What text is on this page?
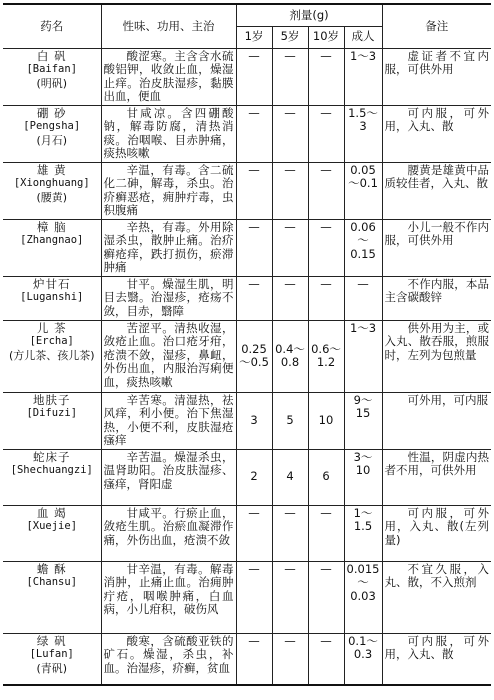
药名	性味、功用、主治	剂量(g)				备注
		1岁	5岁	10岁	成人	

白 矾
[Baifan]
(明矾)	酸涩寒。主含含水硫酸铝钾，收敛止血，燥湿止痒。治皮肤湿疹，黏膜出血，便血	—	—	—	1～3	虚证者不宜内服，可供外用

硼 砂
[Pengsha]
(月石)	甘咸凉。含四硼酸钠，解毒防腐，清热消痰。治咽喉、目赤肿痛，痰热咳嗽	—	—	—	1.5～3	可内服，可外用，入丸、散

雄 黄
[Xionghuang]
(腰黄)	辛温，有毒。含二硫化二砷，解毒，杀虫。治疥癣恶疮，痈肿疔毒，虫积腹痛	—	—	—	0.05～0.1	腰黄是雄黄中品质较佳者，入丸、散

樟 脑
[Zhangnao]	辛热，有毒。外用除湿杀虫，散肿止痛。治疥癣疮痒，跌打损伤，瘀滞肿痛	—	—	—	0.06～0.15	小儿一般不作内服，可供外用

炉甘石
[Luganshi]	甘平。燥湿生肌，明目去翳。治湿疹，疮疡不敛，目赤，翳障	—	—	—	—	不作内服，本品主含碳酸锌

儿 茶
[Ercha]
(方儿茶、孩儿茶)	苦涩平。清热收湿，敛疮止血。治口疮牙疳，疮溃不敛，湿疹，鼻衄，外伤出血，内服治泻痢便血，痰热咳嗽	0.25～0.5	0.4～0.8	0.6～1.2	1～3	供外用为主，或入丸、散吞服，煎服时，左列为包煎量

地肤子
[Difuzi]	辛苦寒。清湿热，祛风痒，利小便。治下焦湿热，小便不利，皮肤湿疮瘙痒	3	5	10	9～15	可外用，可内服

蛇床子
[Shechuangzi]	辛苦温。燥湿杀虫，温肾助阳。治皮肤湿疹、瘙痒，肾阳虚	2	4	6	3～10	性温，阴虚内热者不用，可供外用

血 竭
[Xuejie]	甘咸平。行瘀止血，敛疮生肌。治瘀血凝滞作痛，外伤出血，疮溃不敛	—	—	—	1～1.5	可内服，可外用，入丸、散(左列量)

蟾 酥
[Chansu]	甘辛温，有毒。解毒消肿，止痛止血。治痈肿疔疮，咽喉肿痛，白血病，小儿疳积，破伤风	—	—	—	0.015～0.03	不宜久服，入丸、散，不入煎剂

绿 矾
[Lufan]
(青矾)	酸寒，含硫酸亚铁的矿石。燥湿，杀虫，补血。治湿疹，疥癣，贫血	—	—	—	0.1～0.3	可内服，可外用，入丸、散
